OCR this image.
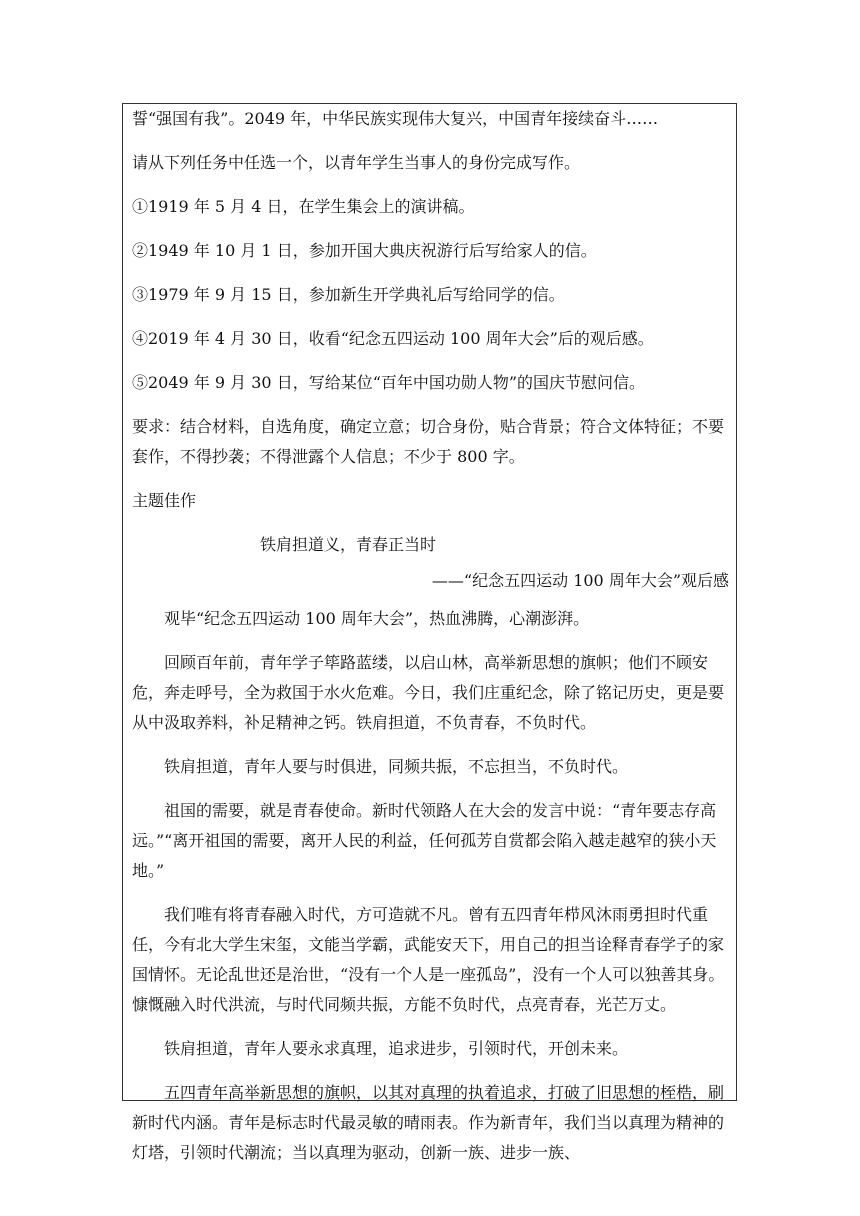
誓“强国有我”。2049 年，中华民族实现伟大复兴，中国青年接续奋斗……

请从下列任务中任选一个，以青年学生当事人的身份完成写作。

①1919 年 5 月 4 日，在学生集会上的演讲稿。

②1949 年 10 月 1 日，参加开国大典庆祝游行后写给家人的信。

③1979 年 9 月 15 日，参加新生开学典礼后写给同学的信。

④2019 年 4 月 30 日，收看“纪念五四运动 100 周年大会”后的观后感。

⑤2049 年 9 月 30 日，写给某位“百年中国功勋人物”的国庆节慰问信。

要求：结合材料，自选角度，确定立意；切合身份，贴合背景；符合文体特征；不要套作，不得抄袭；不得泄露个人信息；不少于 800 字。

主题佳作

铁肩担道义，青春正当时

——“纪念五四运动 100 周年大会”观后感

观毕“纪念五四运动 100 周年大会”，热血沸腾，心潮澎湃。

回顾百年前，青年学子筚路蓝缕，以启山林，高举新思想的旗帜；他们不顾安危，奔走呼号，全为救国于水火危难。今日，我们庄重纪念，除了铭记历史，更是要从中汲取养料，补足精神之钙。铁肩担道，不负青春，不负时代。

铁肩担道，青年人要与时俱进，同频共振，不忘担当，不负时代。

祖国的需要，就是青春使命。新时代领路人在大会的发言中说：“青年要志存高远。”“离开祖国的需要，离开人民的利益，任何孤芳自赏都会陷入越走越窄的狭小天地。”

我们唯有将青春融入时代，方可造就不凡。曾有五四青年栉风沐雨勇担时代重任，今有北大学生宋玺，文能当学霸，武能安天下，用自己的担当诠释青春学子的家国情怀。无论乱世还是治世，“没有一个人是一座孤岛”，没有一个人可以独善其身。慷慨融入时代洪流，与时代同频共振，方能不负时代，点亮青春，光芒万丈。

铁肩担道，青年人要永求真理，追求进步，引领时代，开创未来。

五四青年高举新思想的旗帜，以其对真理的执着追求，打破了旧思想的桎梏，刷新时代内涵。青年是标志时代最灵敏的晴雨表。作为新青年，我们当以真理为精神的灯塔，引领时代潮流；当以真理为驱动，创新一族、进步一族、
